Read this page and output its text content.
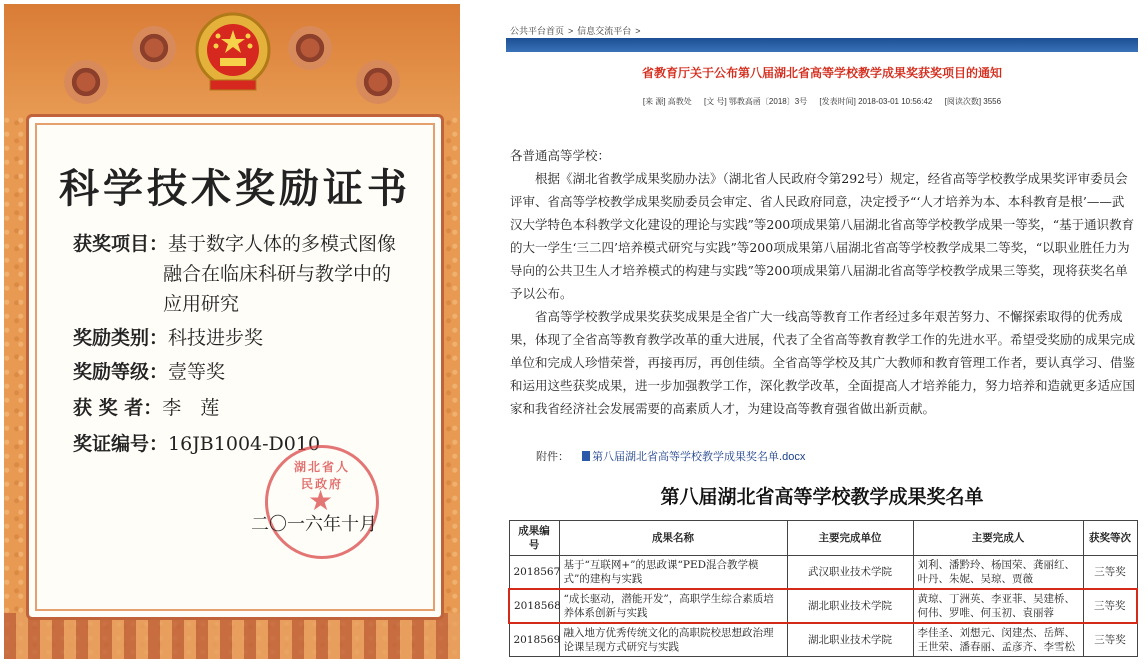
科学技术奖励证书
获奖项目：基于数字人体的多模式图像
融合在临床科研与教学中的
应用研究
奖励类别：科技进步奖
奖励等级：壹等奖
获 奖 者：李　莲
奖证编号：16JB1004-D010
湖北省人民政府
★
二〇一六年十月
公共平台首页 > 信息交流平台 >
省教育厅关于公布第八届湖北省高等学校教学成果奖获奖项目的通知
[来 源] 高教处 [文 号] 鄂教高函〔2018〕3号 [发表时间] 2018-03-01 10:56:42 [阅读次数] 3556

各普通高等学校：

根据《湖北省教学成果奖励办法》（湖北省人民政府令第292号）规定，经省高等学校教学成果奖评审委员会评审、省高等学校教学成果奖励委员会审定、省人民政府同意，决定授予“‘人才培养为本、本科教育是根’——武汉大学特色本科教学文化建设的理论与实践”等200项成果第八届湖北省高等学校教学成果一等奖，“基于通识教育的大一学生‘三二四’培养模式研究与实践”等200项成果第八届湖北省高等学校教学成果二等奖，“以职业胜任力为导向的公共卫生人才培养模式的构建与实践”等200项成果第八届湖北省高等学校教学成果三等奖，现将获奖名单予以公布。

省高等学校教学成果奖获奖成果是全省广大一线高等教育工作者经过多年艰苦努力、不懈探索取得的优秀成果，体现了全省高等教育教学改革的重大进展，代表了全省高等教育教学工作的先进水平。希望受奖励的成果完成单位和完成人珍惜荣誉，再接再厉，再创佳绩。全省高等学校及其广大教师和教育管理工作者，要认真学习、借鉴和运用这些获奖成果，进一步加强教学工作，深化教学改革，全面提高人才培养能力，努力培养和造就更多适应国家和我省经济社会发展需要的高素质人才，为建设高等教育强省做出新贡献。

附件： 第八届湖北省高等学校教学成果奖名单.docx
第八届湖北省高等学校教学成果奖名单
成果编号	成果名称	主要完成单位	主要完成人	获奖等次
2018567	基于“互联网+”的思政课“PED混合教学模式”的建构与实践	武汉职业技术学院	刘利、潘黔玲、杨国荣、龚丽红、叶丹、朱妮、吴琼、贾薇	三等奖
2018568	“成长驱动，潜能开发”，高职学生综合素质培养体系创新与实践	湖北职业技术学院	黄琼、丁洲英、李亚菲、吴建桥、何伟、罗唯、何玉初、袁丽蓉	三等奖
2018569	融入地方优秀传统文化的高职院校思想政治理论课呈现方式研究与实践	湖北职业技术学院	李佳圣、刘想元、闵建杰、岳辉、王世荣、潘春丽、孟彦齐、李雪松	三等奖
